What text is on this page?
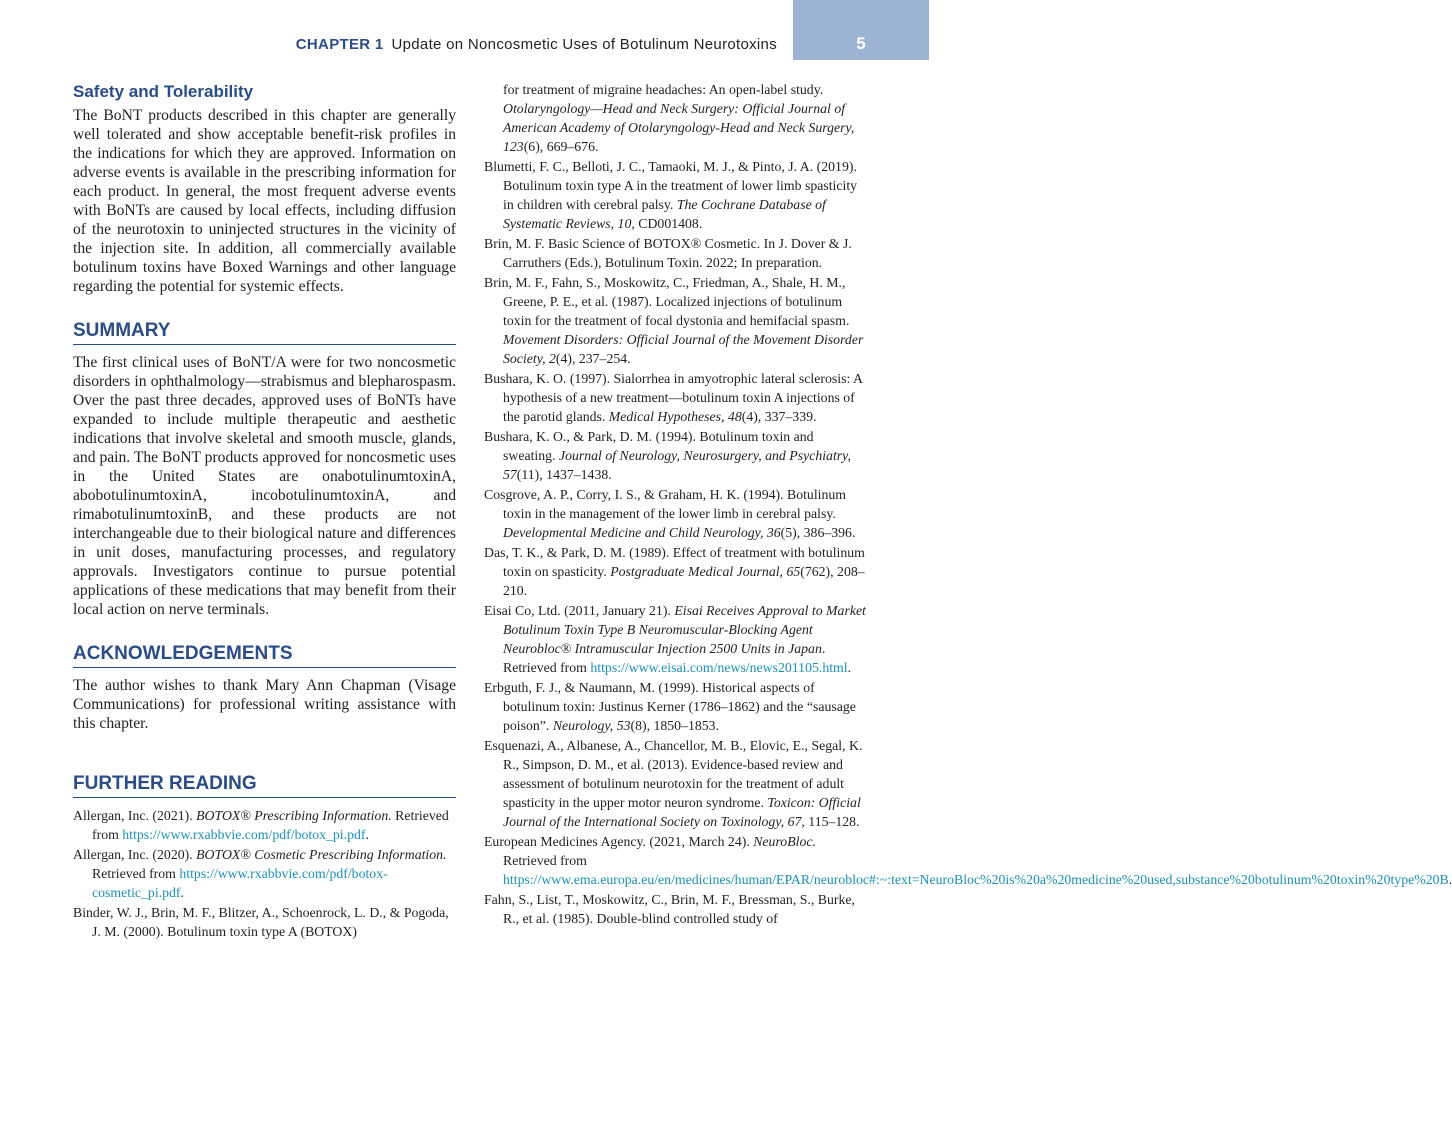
CHAPTER 1 Update on Noncosmetic Uses of Botulinum Neurotoxins	5
Safety and Tolerability

The BoNT products described in this chapter are generally well tolerated and show acceptable benefit-risk profiles in the indications for which they are approved. Information on adverse events is available in the prescribing information for each product. In general, the most frequent adverse events with BoNTs are caused by local effects, including diffusion of the neurotoxin to uninjected structures in the vicinity of the injection site. In addition, all commercially available botulinum toxins have Boxed Warnings and other language regarding the potential for systemic effects.

SUMMARY

The first clinical uses of BoNT/A were for two noncosmetic disorders in ophthalmology—strabismus and blepharospasm. Over the past three decades, approved uses of BoNTs have expanded to include multiple therapeutic and aesthetic indications that involve skeletal and smooth muscle, glands, and pain. The BoNT products approved for noncosmetic uses in the United States are onabotulinumtoxinA, abobotulinumtoxinA, incobotulinumtoxinA, and rimabotulinumtoxinB, and these products are not interchangeable due to their biological nature and differences in unit doses, manufacturing processes, and regulatory approvals. Investigators continue to pursue potential applications of these medications that may benefit from their local action on nerve terminals.

ACKNOWLEDGEMENTS

The author wishes to thank Mary Ann Chapman (Visage Communications) for professional writing assistance with this chapter.

FURTHER READING
Allergan, Inc. (2021). BOTOX® Prescribing Information. Retrieved from https://www.rxabbvie.com/pdf/botox_pi.pdf.
Allergan, Inc. (2020). BOTOX® Cosmetic Prescribing Information. Retrieved from https://www.rxabbvie.com/pdf/botox-cosmetic_pi.pdf.
Binder, W. J., Brin, M. F., Blitzer, A., Schoenrock, L. D., & Pogoda, J. M. (2000). Botulinum toxin type A (BOTOX)
for treatment of migraine headaches: An open-label study. Otolaryngology—Head and Neck Surgery: Official Journal of American Academy of Otolaryngology-Head and Neck Surgery, 123(6), 669–676.
Blumetti, F. C., Belloti, J. C., Tamaoki, M. J., & Pinto, J. A. (2019). Botulinum toxin type A in the treatment of lower limb spasticity in children with cerebral palsy. The Cochrane Database of Systematic Reviews, 10, CD001408.
Brin, M. F. Basic Science of BOTOX® Cosmetic. In J. Dover & J. Carruthers (Eds.), Botulinum Toxin. 2022; In preparation.
Brin, M. F., Fahn, S., Moskowitz, C., Friedman, A., Shale, H. M., Greene, P. E., et al. (1987). Localized injections of botulinum toxin for the treatment of focal dystonia and hemifacial spasm. Movement Disorders: Official Journal of the Movement Disorder Society, 2(4), 237–254.
Bushara, K. O. (1997). Sialorrhea in amyotrophic lateral sclerosis: A hypothesis of a new treatment—botulinum toxin A injections of the parotid glands. Medical Hypotheses, 48(4), 337–339.
Bushara, K. O., & Park, D. M. (1994). Botulinum toxin and sweating. Journal of Neurology, Neurosurgery, and Psychiatry, 57(11), 1437–1438.
Cosgrove, A. P., Corry, I. S., & Graham, H. K. (1994). Botulinum toxin in the management of the lower limb in cerebral palsy. Developmental Medicine and Child Neurology, 36(5), 386–396.
Das, T. K., & Park, D. M. (1989). Effect of treatment with botulinum toxin on spasticity. Postgraduate Medical Journal, 65(762), 208–210.
Eisai Co, Ltd. (2011, January 21). Eisai Receives Approval to Market Botulinum Toxin Type B Neuromuscular-Blocking Agent Neurobloc® Intramuscular Injection 2500 Units in Japan. Retrieved from https://www.eisai.com/news/news201105.html.
Erbguth, F. J., & Naumann, M. (1999). Historical aspects of botulinum toxin: Justinus Kerner (1786–1862) and the “sausage poison”. Neurology, 53(8), 1850–1853.
Esquenazi, A., Albanese, A., Chancellor, M. B., Elovic, E., Segal, K. R., Simpson, D. M., et al. (2013). Evidence-based review and assessment of botulinum neurotoxin for the treatment of adult spasticity in the upper motor neuron syndrome. Toxicon: Official Journal of the International Society on Toxinology, 67, 115–128.
European Medicines Agency. (2021, March 24). NeuroBloc. Retrieved from https://www.ema.europa.eu/en/medicines/human/EPAR/neurobloc#:~:text=NeuroBloc%20is%20a%20medicine%20used,substance%20botulinum%20toxin%20type%20B.
Fahn, S., List, T., Moskowitz, C., Brin, M. F., Bressman, S., Burke, R., et al. (1985). Double-blind controlled study of
